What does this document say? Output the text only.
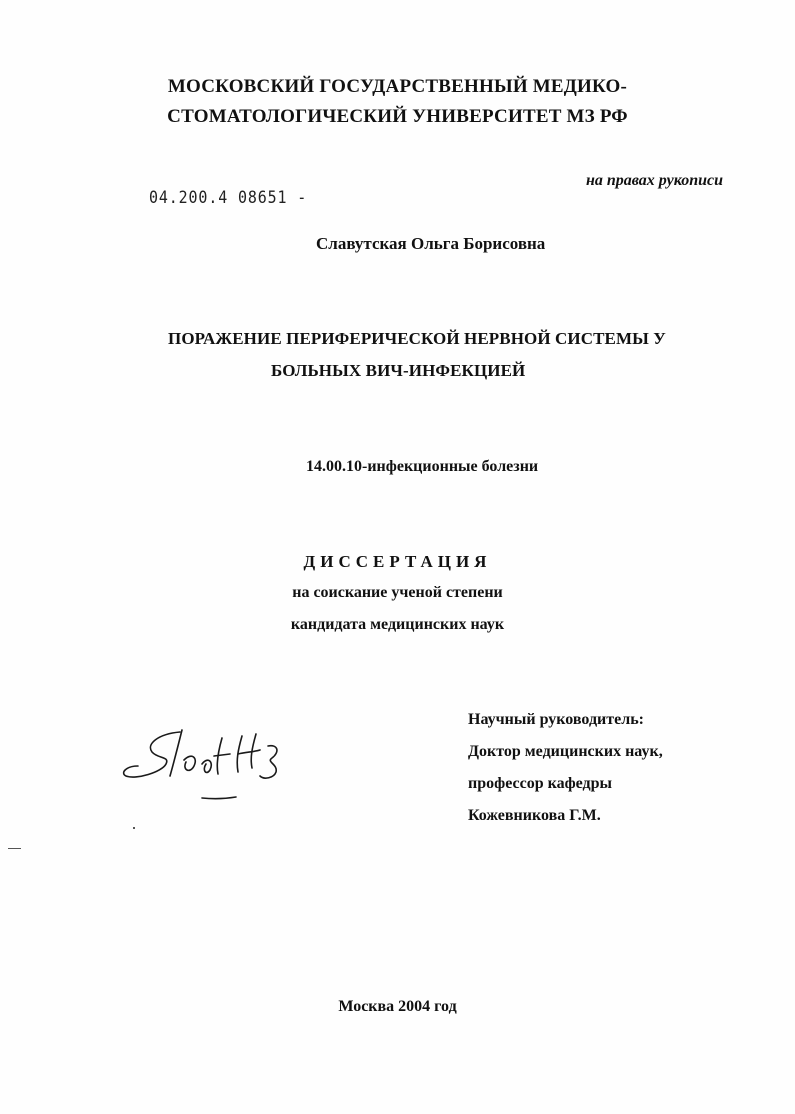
МОСКОВСКИЙ ГОСУДАРСТВЕННЫЙ МЕДИКО-

СТОМАТОЛОГИЧЕСКИЙ УНИВЕРСИТЕТ МЗ РФ

на правах рукописи

04.200.4 08651 -

Славутская Ольга Борисовна

ПОРАЖЕНИЕ ПЕРИФЕРИЧЕСКОЙ НЕРВНОЙ СИСТЕМЫ У

БОЛЬНЫХ ВИЧ-ИНФЕКЦИЕЙ

14.00.10-инфекционные болезни

ДИССЕРТАЦИЯ

на соискание ученой степени

кандидата медицинских наук

Научный руководитель:

Доктор медицинских наук,

профессор кафедры

Кожевникова Г.М.

Москва 2004 год
